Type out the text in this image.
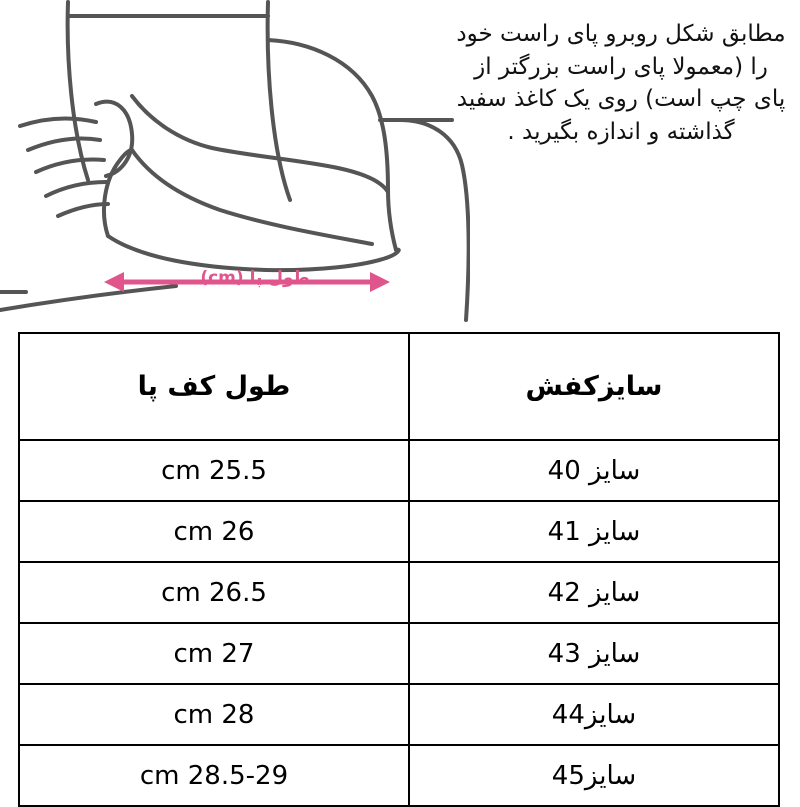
طول پا (cm)
مطابق شکل روبرو پای راست خود را (معمولا پای راست بزرگتر از پای چپ است) روی یک کاغذ سفید گذاشته و اندازه بگیرید .
سایزکفش	طول کف پا
سایز 40	25.5 cm
سایز 41	26 cm
سایز 42	26.5 cm
سایز 43	27 cm
سایز44	28 cm
سایز45	28.5-29 cm
